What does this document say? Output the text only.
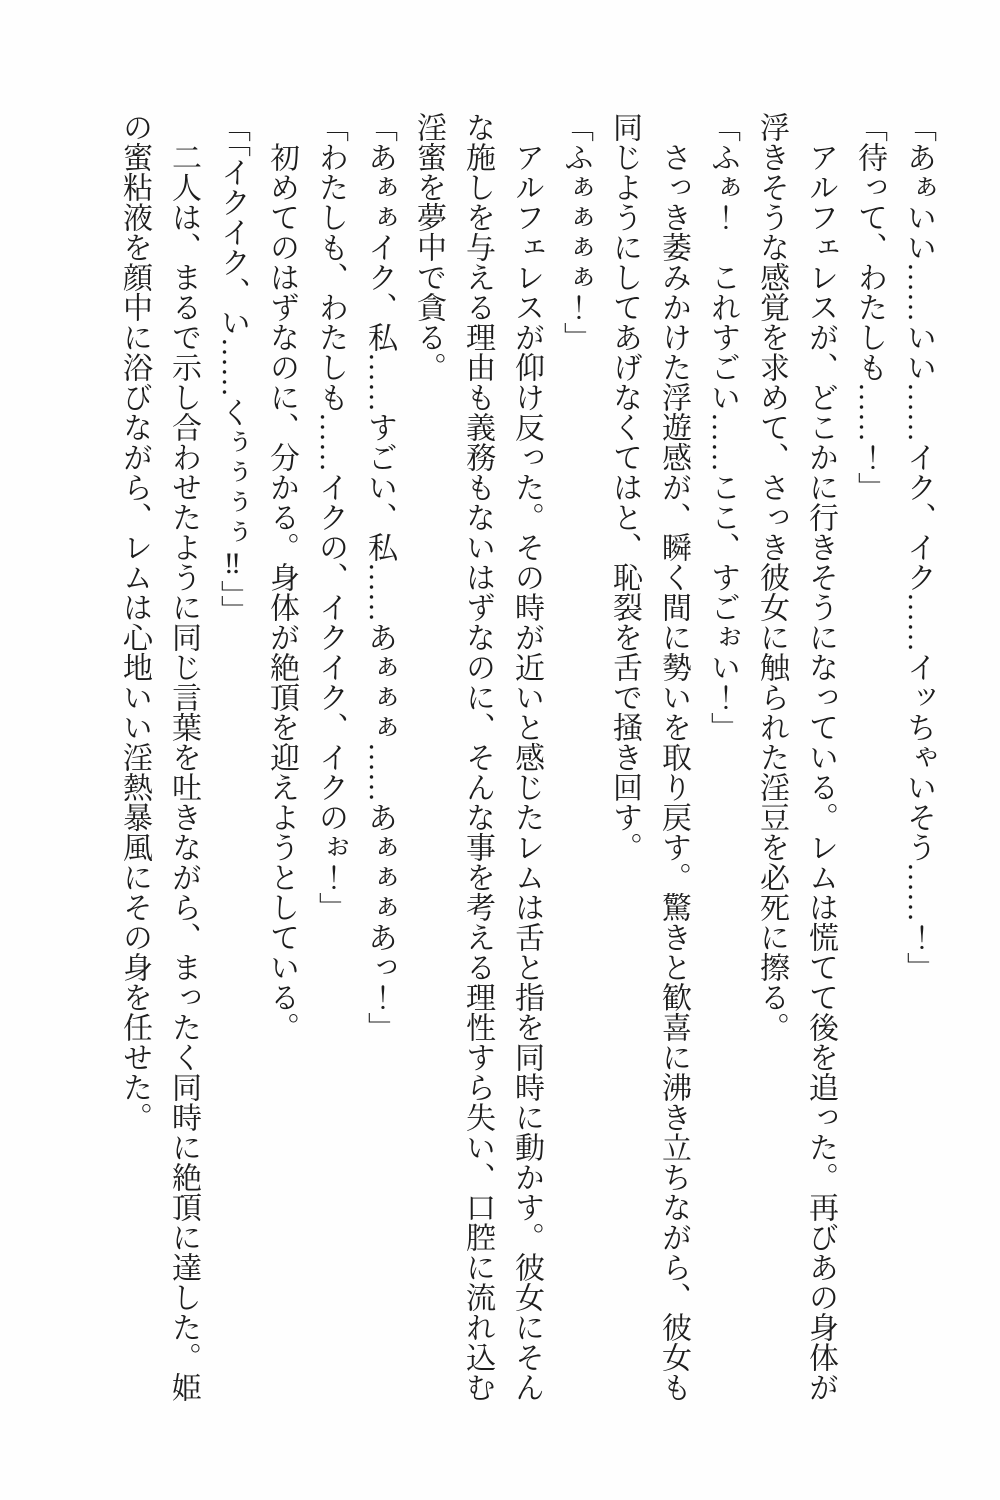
「あぁいい……いい……イク、イク……イッちゃいそう……！」

「待って、わたしも……！」

　アルフェレスが、どこかに行きそうになっている。レムは慌てて後を追った。再びあの身体が浮きそうな感覚を求めて、さっき彼女に触られた淫豆を必死に擦る。

「ふぁ！　これすごい……ここ、すごぉい！」

　さっき萎みかけた浮遊感が、瞬く間に勢いを取り戻す。驚きと歓喜に沸き立ちながら、彼女も同じようにしてあげなくてはと、恥裂を舌で掻き回す。

「ふぁぁぁぁ！」

　アルフェレスが仰け反った。その時が近いと感じたレムは舌と指を同時に動かす。彼女にそんな施しを与える理由も義務もないはずなのに、そんな事を考える理性すら失い、口腔に流れ込む淫蜜を夢中で貪る。

「あぁぁイク、私……すごい、私……あぁぁぁ……あぁぁぁあっ！」

「わたしも、わたしも……イクの、イクイク、イクのぉ！」

　初めてのはずなのに、分かる。身体が絶頂を迎えようとしている。

「「イクイク、い……くぅぅぅぅ‼」」

　二人は、まるで示し合わせたように同じ言葉を吐きながら、まったく同時に絶頂に達した。姫の蜜粘液を顔中に浴びながら、レムは心地いい淫熱暴風にその身を任せた。
